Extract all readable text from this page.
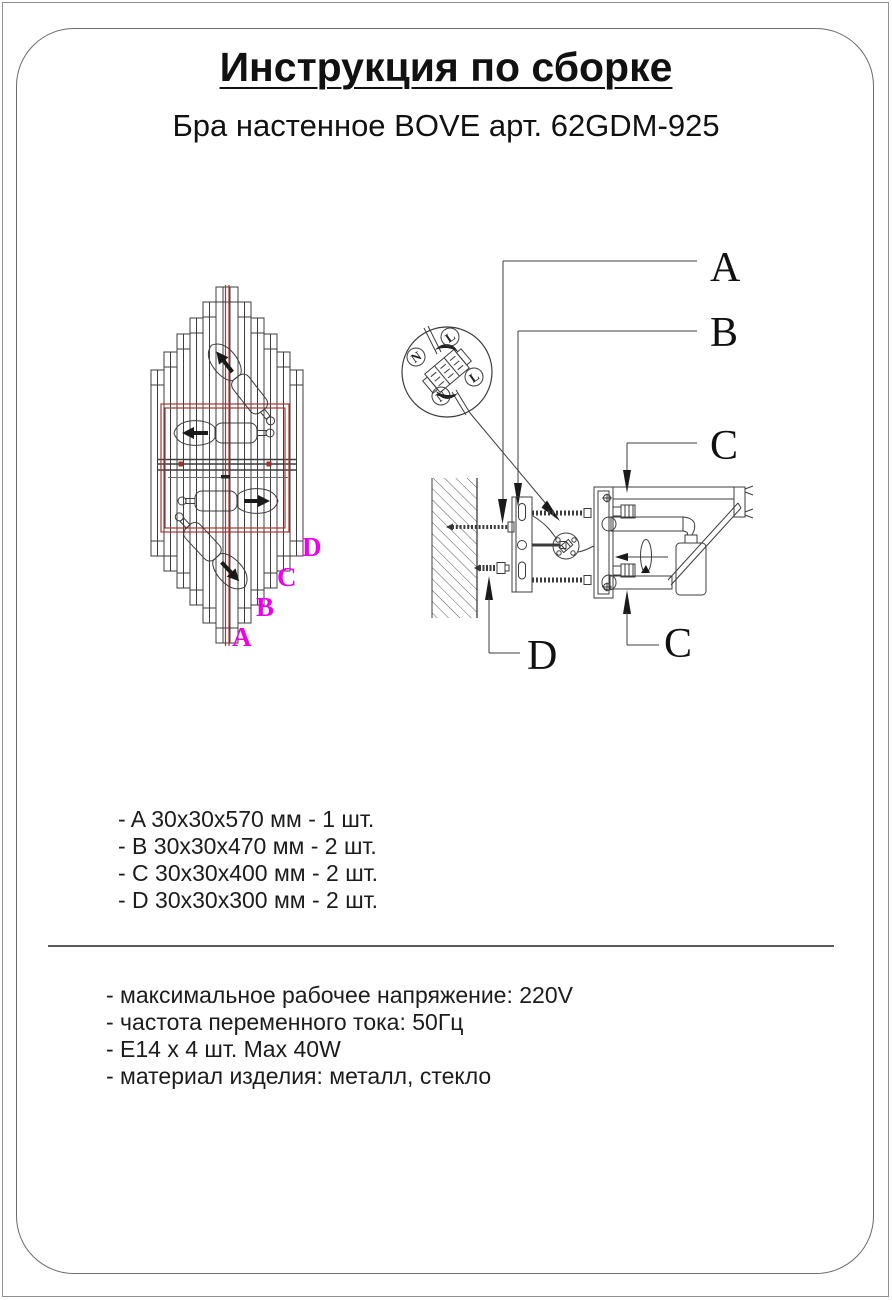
Инструкция по сборке
Бра настенное BOVE арт. 62GDM-925
D
C
B
A
N
L
L
N
A
B
C
C
D
- A 30x30x570 мм - 1 шт.
- B 30x30x470 мм - 2 шт.
- C 30x30x400 мм - 2 шт.
- D 30x30x300 мм - 2 шт.
- максимальное рабочее напряжение: 220V
- частота переменного тока: 50Гц
- Е14 х 4 шт. Max 40W
- материал изделия: металл, стекло
